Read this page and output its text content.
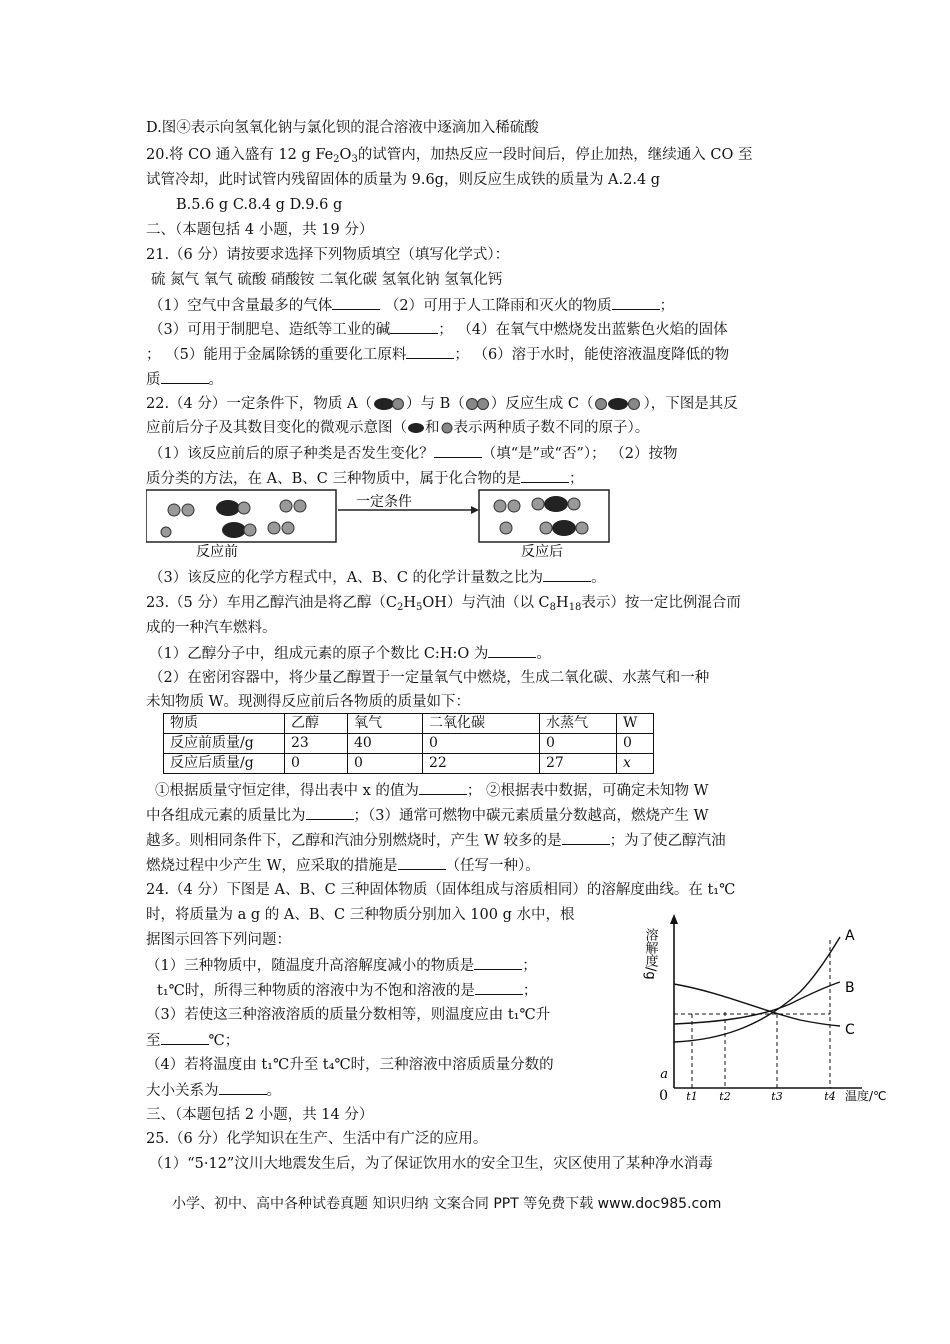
D.图④表示向氢氧化钠与氯化钡的混合溶液中逐滴加入稀硫酸
20.将 CO 通入盛有 12 g $Fe_2O_3$的试管内，加热反应一段时间后，停止加热，继续通入 CO 至
试管冷却，此时试管内残留固体的质量为 9.6g，则反应生成铁的质量为 A.2.4 g
B.5.6 g C.8.4 g D.9.6 g
二、（本题包括 4 小题，共 19 分）
21.（6 分）请按要求选择下列物质填空（填写化学式）：
硫 氮气 氧气 硫酸 硝酸铵 二氧化碳 氢氧化钠 氢氧化钙
（1）空气中含量最多的气体	（2）可用于人工降雨和灭火的物质	；
（3）可用于制肥皂、造纸等工业的碱	； （4）在氧气中燃烧发出蓝紫色火焰的固体
； （5）能用于金属除锈的重要化工原料	； （6）溶于水时，能使溶液温度降低的物
质	。
22.（4 分）一定条件下，物质 A（ ）与 B（ ）反应生成 C（	），下图是其反
应前后分子及其数目变化的微观示意图（ 和 表示两种质子数不同的原子）。
（1）该反应前后的原子种类是否发生变化？	（填“是”或“否”）； （2）按物
质分类的方法，在 A、B、C 三种物质中，属于化合物的是	；
一定条件
反应前	反应后
（3）该反应的化学方程式中，A、B、C 的化学计量数之比为	。
23.（5 分）车用乙醇汽油是将乙醇$(C_2H_5OH)$与汽油（以 $C_8H_{18}$表示）按一定比例混合而
成的一种汽车燃料。
（1）乙醇分子中，组成元素的原子个数比 C:H:O 为	。
（2）在密闭容器中，将少量乙醇置于一定量氧气中燃烧，生成二氧化碳、水蒸气和一种
未知物质 W。现测得反应前后各物质的质量如下：
物质	乙醇	氧气	二氧化碳	水蒸气	W
反应前质量/g	23	40	0	0	0
反应后质量/g	0	0	22	27	x
①根据质量守恒定律，得出表中 x 的值为	； ②根据表中数据，可确定未知物 W
中各组成元素的质量比为	；（3）通常可燃物中碳元素质量分数越高，燃烧产生 W
越多。则相同条件下，乙醇和汽油分别燃烧时，产生 W 较多的是	；为了使乙醇汽油
燃烧过程中少产生 W，应采取的措施是	（任写一种）。
24.（4 分）下图是 A、B、C 三种固体物质（固体组成与溶质相同）的溶解度曲线。在 t₁℃
时，将质量为 a g 的 A、B、C 三种物质分别加入 100 g 水中，根
据图示回答下列问题：
（1）三种物质中，随温度升高溶解度减小的物质是	；
t₁℃时，所得三种物质的溶液中为不饱和溶液的是	；
（3）若使这三种溶液溶质的质量分数相等，则温度应由 t₁℃升
至	℃；
（4）若将温度由 t₁℃升至 t₄℃时，三种溶液中溶质质量分数的
大小关系为	。
三、（本题包括 2 小题，共 14 分）
25.（6 分）化学知识在生产、生活中有广泛的应用。
（1）“5·12”汶川大地震发生后，为了保证饮用水的安全卫生，灾区使用了某种净水消毒
溶解度/g
a
0
A
B
C
t1 t2	t3	t4 温度/℃
小学、初中、高中各种试卷真题 知识归纳 文案合同 PPT 等免费下载 www.doc985.com
